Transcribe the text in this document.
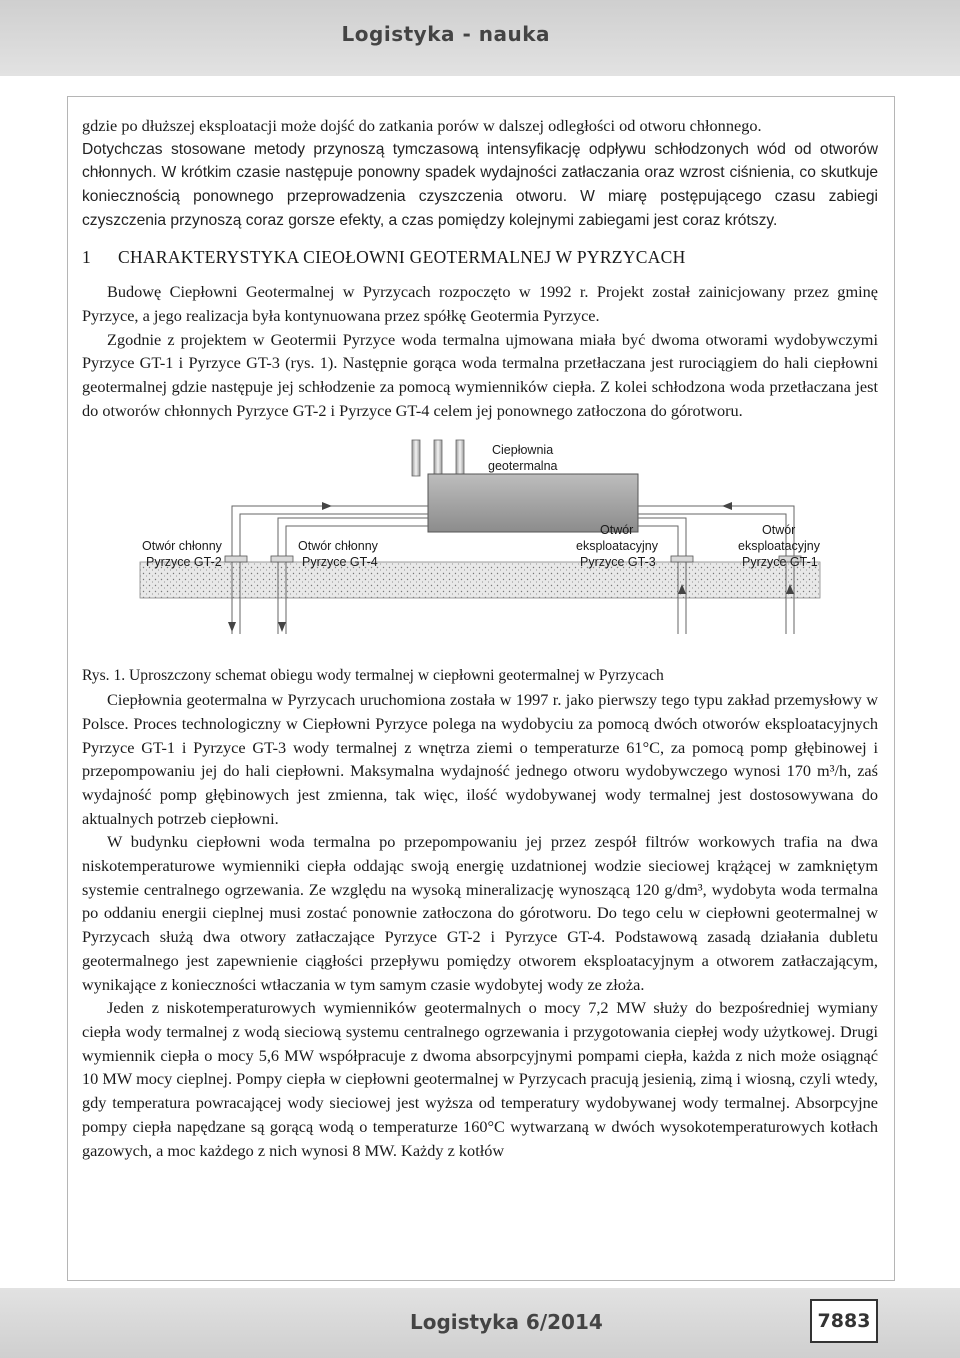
Logistyka - nauka

gdzie po dłuższej eksploatacji może dojść do zatkania porów w dalszej odległości od otworu chłonnego.

Dotychczas stosowane metody przynoszą tymczasową intensyfikację odpływu schłodzonych wód od otworów chłonnych. W krótkim czasie następuje ponowny spadek wydajności zatłaczania oraz wzrost ciśnienia, co skutkuje koniecznością ponownego przeprowadzenia czyszczenia otworu. W miarę postępującego czasu zabiegi czyszczenia przynoszą coraz gorsze efekty, a czas pomiędzy kolejnymi zabiegami jest coraz krótszy.

1 CHARAKTERYSTYKA CIEOŁOWNI GEOTERMALNEJ W PYRZYCACH

Budowę Ciepłowni Geotermalnej w Pyrzycach rozpoczęto w 1992 r. Projekt został zainicjowany przez gminę Pyrzyce, a jego realizacja była kontynuowana przez spółkę Geotermia Pyrzyce.

Zgodnie z projektem w Geotermii Pyrzyce woda termalna ujmowana miała być dwoma otworami wydobywczymi Pyrzyce GT-1 i Pyrzyce GT-3 (rys. 1). Następnie gorąca woda termalna przetłaczana jest rurociągiem do hali ciepłowni geotermalnej gdzie następuje jej schłodzenie za pomocą wymienników ciepła. Z kolei schłodzona woda przetłaczana jest do otworów chłonnych Pyrzyce GT-2 i Pyrzyce GT-4 celem jej ponownego zatłoczona do górotworu.

Ciepłownia
geotermalna
Otwór chłonny
Pyrzyce GT-2
Otwór chłonny
Pyrzyce GT-4
Otwór
eksploatacyjny
Pyrzyce GT-3
Otwór
eksploatacyjny
Pyrzyce GT-1

Rys. 1. Uproszczony schemat obiegu wody termalnej w ciepłowni geotermalnej w Pyrzycach

Ciepłownia geotermalna w Pyrzycach uruchomiona została w 1997 r. jako pierwszy tego typu zakład przemysłowy w Polsce. Proces technologiczny w Ciepłowni Pyrzyce polega na wydobyciu za pomocą dwóch otworów eksploatacyjnych Pyrzyce GT-1 i Pyrzyce GT-3 wody termalnej z wnętrza ziemi o temperaturze 61°C, za pomocą pomp głębinowej i przepompowaniu jej do hali ciepłowni. Maksymalna wydajność jednego otworu wydobywczego wynosi 170 m³/h, zaś wydajność pomp głębinowych jest zmienna, tak więc, ilość wydobywanej wody termalnej jest dostosowywana do aktualnych potrzeb ciepłowni.

W budynku ciepłowni woda termalna po przepompowaniu jej przez zespół filtrów workowych trafia na dwa niskotemperaturowe wymienniki ciepła oddając swoją energię uzdatnionej wodzie sieciowej krążącej w zamkniętym systemie centralnego ogrzewania. Ze względu na wysoką mineralizację wynoszącą 120 g/dm³, wydobyta woda termalna po oddaniu energii cieplnej musi zostać ponownie zatłoczona do górotworu. Do tego celu w ciepłowni geotermalnej w Pyrzycach służą dwa otwory zatłaczające Pyrzyce GT-2 i Pyrzyce GT-4. Podstawową zasadą działania dubletu geotermalnego jest zapewnienie ciągłości przepływu pomiędzy otworem eksploatacyjnym a otworem zatłaczającym, wynikające z konieczności wtłaczania w tym samym czasie wydobytej wody ze złoża.

Jeden z niskotemperaturowych wymienników geotermalnych o mocy 7,2 MW służy do bezpośredniej wymiany ciepła wody termalnej z wodą sieciową systemu centralnego ogrzewania i przygotowania ciepłej wody użytkowej. Drugi wymiennik ciepła o mocy 5,6 MW współpracuje z dwoma absorpcyjnymi pompami ciepła, każda z nich może osiągnąć 10 MW mocy cieplnej. Pompy ciepła w ciepłowni geotermalnej w Pyrzycach pracują jesienią, zimą i wiosną, czyli wtedy, gdy temperatura powracającej wody sieciowej jest wyższa od temperatury wydobywanej wody termalnej. Absorpcyjne pompy ciepła napędzane są gorącą wodą o temperaturze 160°C wytwarzaną w dwóch wysokotemperaturowych kotłach gazowych, a moc każdego z nich wynosi 8 MW. Każdy z kotłów

Logistyka 6/2014	7883
